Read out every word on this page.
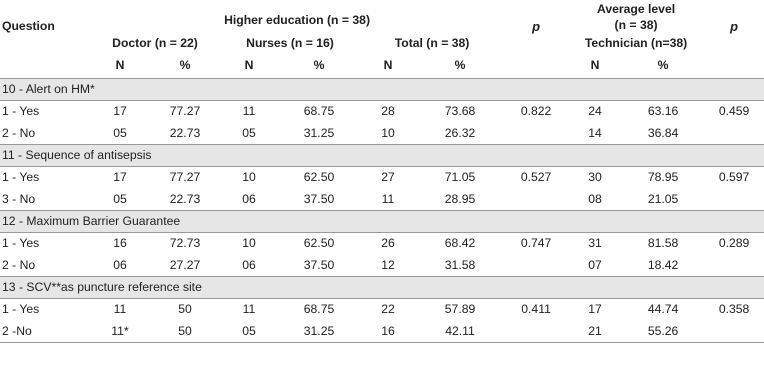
Question	Higher education (n = 38)						p	Average level
(n = 38)		p
	Doctor (n = 22)		Nurses (n = 16)		Total (n = 38)			Technician (n=38)		
	N	%	N	%	N	%		N	%	
10 - Alert on HM*										
1 - Yes	17	77.27	11	68.75	28	73.68	0.822	24	63.16	0.459
2 - No	05	22.73	05	31.25	10	26.32		14	36.84	
11 - Sequence of antisepsis										
1 - Yes	17	77.27	10	62.50	27	71.05	0.527	30	78.95	0.597
3 - No	05	22.73	06	37.50	11	28.95		08	21.05	
12 - Maximum Barrier Guarantee										
1 - Yes	16	72.73	10	62.50	26	68.42	0.747	31	81.58	0.289
2 - No	06	27.27	06	37.50	12	31.58		07	18.42	
13 - SCV**as puncture reference site										
1 - Yes	11	50	11	68.75	22	57.89	0.411	17	44.74	0.358
2 -No	11*	50	05	31.25	16	42.11		21	55.26	
